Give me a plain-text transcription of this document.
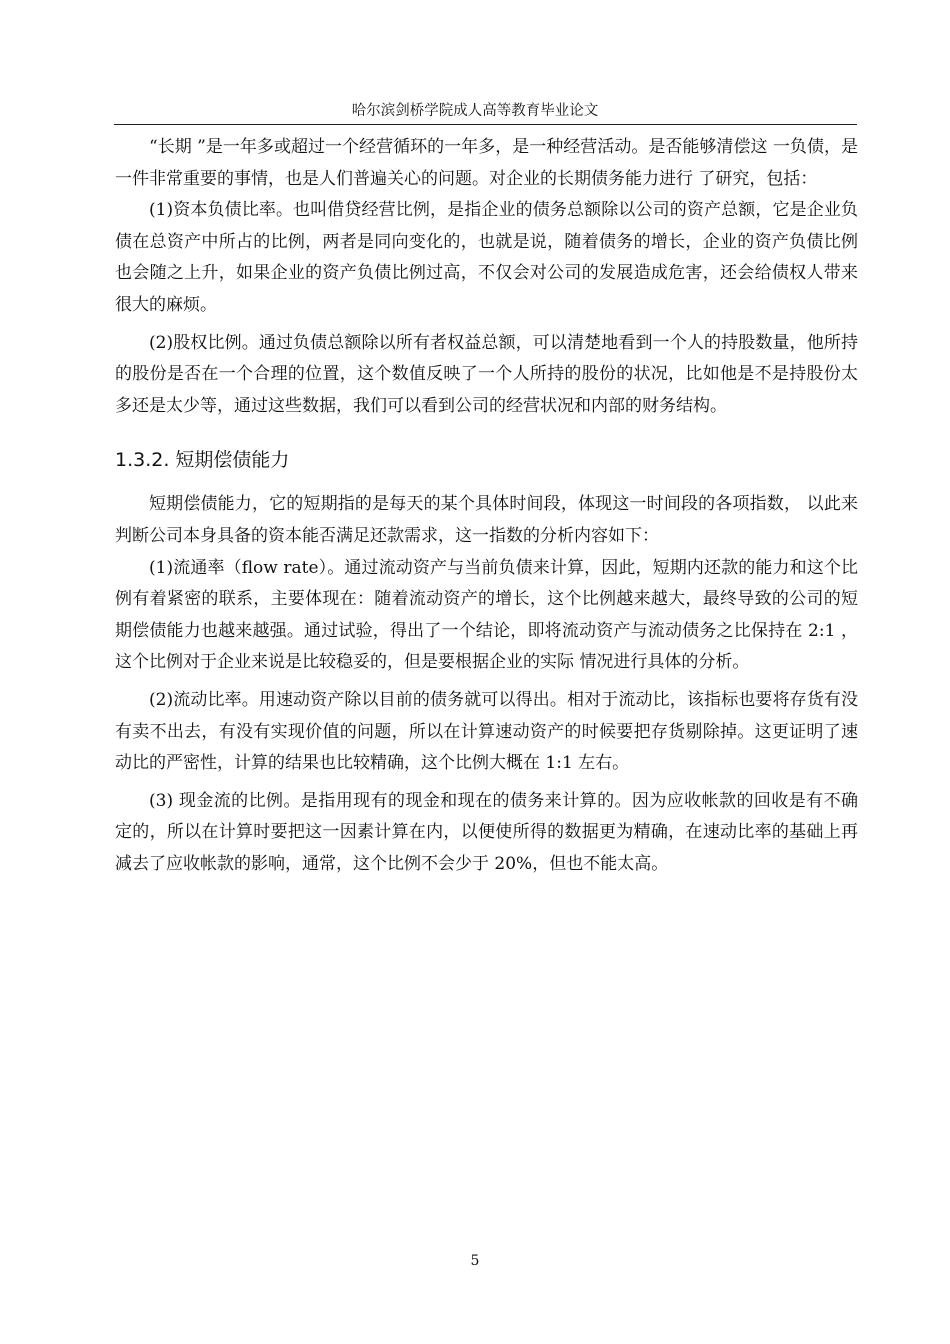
哈尔滨剑桥学院成人高等教育毕业论文

“长期 ”是一年多或超过一个经营循环的一年多，是一种经营活动。是否能够清偿这 一负债，是一件非常重要的事情，也是人们普遍关心的问题。对企业的长期债务能力进行 了研究，包括：

(1)资本负债比率。也叫借贷经营比例，是指企业的债务总额除以公司的资产总额，它是企业负债在总资产中所占的比例，两者是同向变化的，也就是说，随着债务的增长，企业的资产负债比例也会随之上升，如果企业的资产负债比例过高，不仅会对公司的发展造成危害，还会给债权人带来很大的麻烦。

(2)股权比例。通过负债总额除以所有者权益总额，可以清楚地看到一个人的持股数量，他所持的股份是否在一个合理的位置，这个数值反映了一个人所持的股份的状况，比如他是不是持股份太多还是太少等，通过这些数据，我们可以看到公司的经营状况和内部的财务结构。

1.3.2. 短期偿债能力

短期偿债能力，它的短期指的是每天的某个具体时间段，体现这一时间段的各项指数， 以此来判断公司本身具备的资本能否满足还款需求，这一指数的分析内容如下：

(1)流通率（flow rate）。通过流动资产与当前负债来计算，因此，短期内还款的能力和这个比例有着紧密的联系，主要体现在：随着流动资产的增长，这个比例越来越大，最终导致的公司的短期偿债能力也越来越强。通过试验，得出了一个结论，即将流动资产与流动债务之比保持在 2:1 ，这个比例对于企业来说是比较稳妥的，但是要根据企业的实际 情况进行具体的分析。

(2)流动比率。用速动资产除以目前的债务就可以得出。相对于流动比，该指标也要将存货有没有卖不出去，有没有实现价值的问题，所以在计算速动资产的时候要把存货剔除掉。这更证明了速动比的严密性，计算的结果也比较精确，这个比例大概在 1:1 左右。

(3) 现金流的比例。是指用现有的现金和现在的债务来计算的。因为应收帐款的回收是有不确定的，所以在计算时要把这一因素计算在内，以便使所得的数据更为精确，在速动比率的基础上再减去了应收帐款的影响，通常，这个比例不会少于 20%，但也不能太高。

5
